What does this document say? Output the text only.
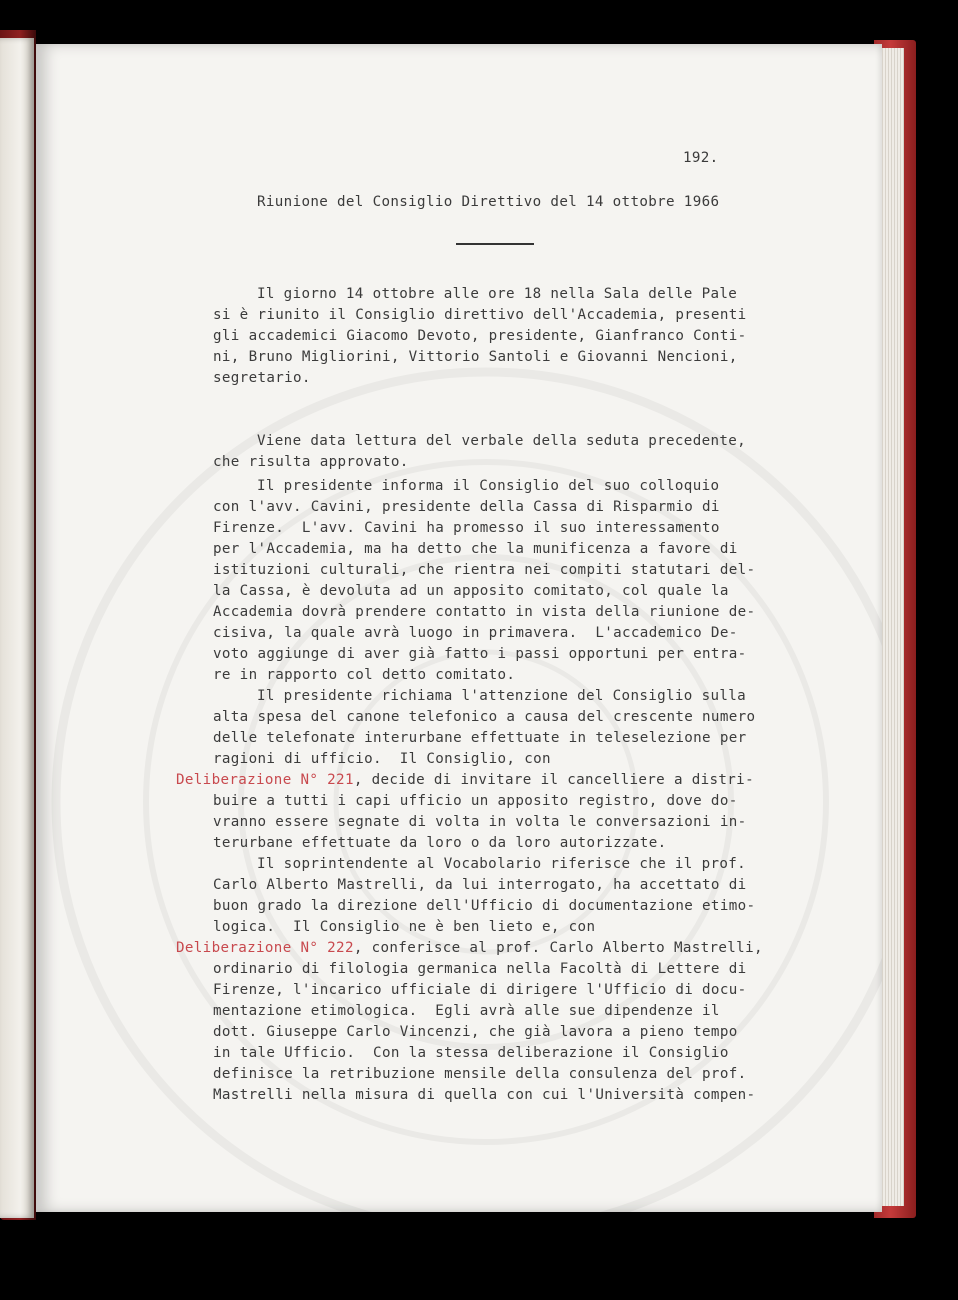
192.
Riunione del Consiglio Direttivo del 14 ottobre 1966
Il giorno 14 ottobre alle ore 18 nella Sala delle Pale
si è riunito il Consiglio direttivo dell'Accademia, presenti
gli accademici Giacomo Devoto, presidente, Gianfranco Conti-
ni, Bruno Migliorini, Vittorio Santoli e Giovanni Nencioni,
segretario.
Viene data lettura del verbale della seduta precedente,
che risulta approvato.
Il presidente informa il Consiglio del suo colloquio
con l'avv. Cavini, presidente della Cassa di Risparmio di
Firenze.  L'avv. Cavini ha promesso il suo interessamento
per l'Accademia, ma ha detto che la munificenza a favore di
istituzioni culturali, che rientra nei compiti statutari del-
la Cassa, è devoluta ad un apposito comitato, col quale la
Accademia dovrà prendere contatto in vista della riunione de-
cisiva, la quale avrà luogo in primavera.  L'accademico De-
voto aggiunge di aver già fatto i passi opportuni per entra-
re in rapporto col detto comitato.
Il presidente richiama l'attenzione del Consiglio sulla
alta spesa del canone telefonico a causa del crescente numero
delle telefonate interurbane effettuate in teleselezione per
ragioni di ufficio.  Il Consiglio, con
Deliberazione N° 221, decide di invitare il cancelliere a distri-
buire a tutti i capi ufficio un apposito registro, dove do-
vranno essere segnate di volta in volta le conversazioni in-
terurbane effettuate da loro o da loro autorizzate.
Il soprintendente al Vocabolario riferisce che il prof.
Carlo Alberto Mastrelli, da lui interrogato, ha accettato di
buon grado la direzione dell'Ufficio di documentazione etimo-
logica.  Il Consiglio ne è ben lieto e, con
Deliberazione N° 222, conferisce al prof. Carlo Alberto Mastrelli,
ordinario di filologia germanica nella Facoltà di Lettere di
Firenze, l'incarico ufficiale di dirigere l'Ufficio di docu-
mentazione etimologica.  Egli avrà alle sue dipendenze il
dott. Giuseppe Carlo Vincenzi, che già lavora a pieno tempo
in tale Ufficio.  Con la stessa deliberazione il Consiglio
definisce la retribuzione mensile della consulenza del prof.
Mastrelli nella misura di quella con cui l'Università compen-
